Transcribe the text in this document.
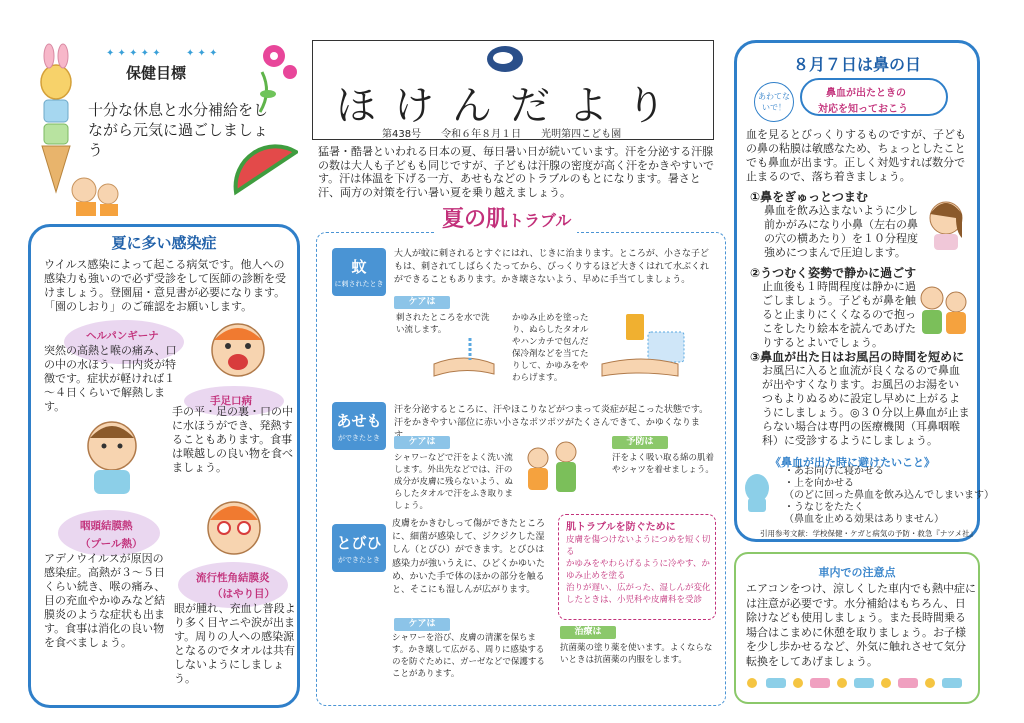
✦ ✦ ✦ ✦ ✦	✦ ✦ ✦
保健目標
十分な休息と水分補給をしながら元気に過ごしましょう
夏に多い感染症
ウイルス感染によって起こる病気です。他人への感染力も強いので必ず受診をして医師の診断を受けましょう。登園届・意見書が必要になります。「園のしおり」のご確認をお願いします。
ヘルパンギーナ
突然の高熱と喉の痛み、口の中の水ほう、口内炎が特徴です。症状が軽ければ１～４日くらいで解熱します。	手足口病
手の平・足の裏・口の中に水ほうができ、発熱することもあります。食事は喉越しの良い物を食べましょう。
咽頭結膜熱
（プール熱）
アデノウイルスが原因の感染症。高熱が３～５日くらい続き、喉の痛み、目の充血やかゆみなど結膜炎のような症状も出ます。食事は消化の良い物を食べましょう。
流行性角結膜炎
（はやり目）
眼が腫れ、充血し普段より多く目ヤニや涙が出ます。周りの人への感染源となるのでタオルは共有しないようにしましょう。
ほけんだより
第438号　　令和６年８月１日　　光明第四こども園
猛暑・酷暑といわれる日本の夏、毎日暑い日が続いています。汗を分泌する汗腺の数は大人も子どもも同じですが、子どもは汗腺の密度が高く汗をかきやすいです。汗は体温を下げる一方、あせもなどのトラブルのもとになります。暑さと汗、両方の対策を行い暑い夏を乗り越えましょう。
夏の肌トラブル
蚊
に刺されたとき
大人が蚊に刺されるとすぐにはれ、じきに治まります。ところが、小さな子どもは、刺されてしばらくたってから、びっくりするほど大きくはれて水ぶくれができることもあります。かき壊さないよう、早めに手当てしましょう。
ケアは
刺されたところを水で洗い流します。
かゆみ止めを塗ったり、ぬらしたタオルやハンカチで包んだ保冷剤などを当てたりして、かゆみをやわらげます。
あせも
ができたとき
汗を分泌するところに、汗やほこりなどがつまって炎症が起こった状態です。汗をかきやすい部位に赤い小さなポツポツがたくさんできて、かゆくなりま
ケアは
シャワーなどで汗をよく洗い流します。外出先などでは、汗の成分が皮膚に残らないよう、ぬらしたタオルで汗をふき取りましょう。
予防は
汗をよく吸い取る綿の肌着やシャツを着せましょう。
とびひ
ができたとき
皮膚をかきむしって傷ができたところに、細菌が感染して、ジクジクした湿しん（とびひ）ができます。とびひは感染力が強いうえに、ひどくかゆいため、かいた手で体のほかの部分を触ると、そこにも湿しんが広がります。
ケアは
シャワーを浴び、皮膚の清潔を保ちます。かき壊して広がる、周りに感染するのを防ぐために、ガーゼなどで保護することがあります。
治療は
抗菌薬の塗り薬を使います。よくならないときは抗菌薬の内服をします。
肌トラブルを防ぐために
皮膚を傷つけないようにつめを短く切る
かゆみをやわらげるように冷やす、かゆみ止めを塗る
治りが遅い、広がった、湿しんが変化したときは、小児科や皮膚科を受診
８月７日は鼻の日
あわてないで！
鼻血が出たときの
対応を知っておこう
血を見るとびっくりするものですが、子どもの鼻の粘膜は敏感なため、ちょっとしたことでも鼻血が出ます。正しく対処すれば数分で止まるので、落ち着きましょう。
①鼻をぎゅっとつまむ
鼻血を飲み込まないように少し前かがみになり小鼻（左右の鼻の穴の横あたり）を１０分程度強めにつまんで圧迫します。
②うつむく姿勢で静かに過ごす
止血後も１時間程度は静かに過ごしましょう。子どもが鼻を触ると止まりにくくなるので抱っこをしたり絵本を読んであげたりするとよいでしょう。
③鼻血が出た日はお風呂の時間を短めに
お風呂に入ると血流が良くなるので鼻血が出やすくなります。お風呂のお湯をいつもよりぬるめに設定し早めに上がるようにしましょう。◎３０分以上鼻血が止まらない場合は専門の医療機関（耳鼻咽喉科）に受診するようにしましょう。
《鼻血が出た時に避けたいこと》
・あお向けに寝かせる
・上を向かせる
（のどに回った鼻血を飲み込んでしまいます）
・うなじをたたく
（鼻血を止める効果はありません）
引用参考文献：学校保健・ケガと病気の予防・救急『ナツメ社』
車内での注意点
エアコンをつけ、涼しくした車内でも熱中症には注意が必要です。水分補給はもちろん、日除けなども使用しましょう。また長時間乗る場合はこまめに休憩を取りましょう。お子様を少し歩かせるなど、外気に触れさせて気分転換をしてあげましょう。
